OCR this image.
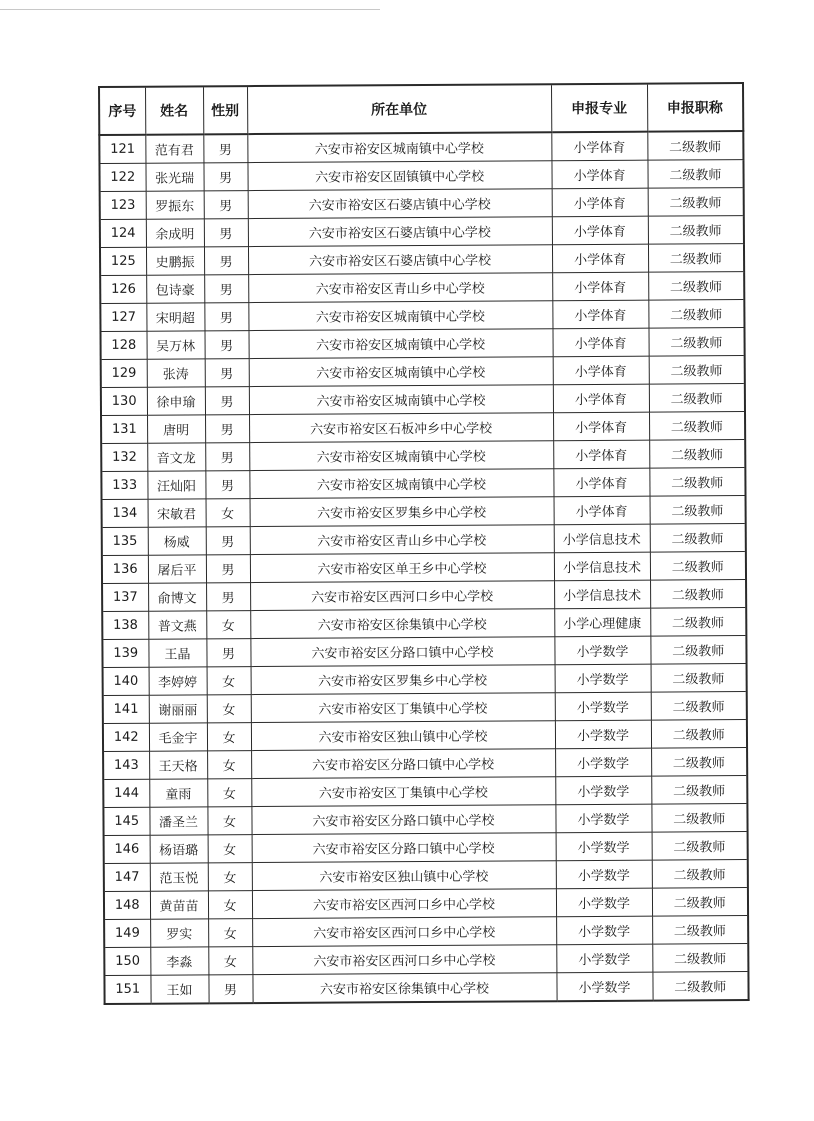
序号	姓名	性别	所在单位	申报专业	申报职称
121	范有君	男	六安市裕安区城南镇中心学校	小学体育	二级教师
122	张光瑞	男	六安市裕安区固镇镇中心学校	小学体育	二级教师
123	罗振东	男	六安市裕安区石婆店镇中心学校	小学体育	二级教师
124	余成明	男	六安市裕安区石婆店镇中心学校	小学体育	二级教师
125	史鹏振	男	六安市裕安区石婆店镇中心学校	小学体育	二级教师
126	包诗豪	男	六安市裕安区青山乡中心学校	小学体育	二级教师
127	宋明超	男	六安市裕安区城南镇中心学校	小学体育	二级教师
128	吴万林	男	六安市裕安区城南镇中心学校	小学体育	二级教师
129	张涛	男	六安市裕安区城南镇中心学校	小学体育	二级教师
130	徐申瑜	男	六安市裕安区城南镇中心学校	小学体育	二级教师
131	唐明	男	六安市裕安区石板冲乡中心学校	小学体育	二级教师
132	音文龙	男	六安市裕安区城南镇中心学校	小学体育	二级教师
133	汪灿阳	男	六安市裕安区城南镇中心学校	小学体育	二级教师
134	宋敏君	女	六安市裕安区罗集乡中心学校	小学体育	二级教师
135	杨威	男	六安市裕安区青山乡中心学校	小学信息技术	二级教师
136	屠后平	男	六安市裕安区单王乡中心学校	小学信息技术	二级教师
137	俞博文	男	六安市裕安区西河口乡中心学校	小学信息技术	二级教师
138	普文燕	女	六安市裕安区徐集镇中心学校	小学心理健康	二级教师
139	王晶	男	六安市裕安区分路口镇中心学校	小学数学	二级教师
140	李婷婷	女	六安市裕安区罗集乡中心学校	小学数学	二级教师
141	谢丽丽	女	六安市裕安区丁集镇中心学校	小学数学	二级教师
142	毛金宇	女	六安市裕安区独山镇中心学校	小学数学	二级教师
143	王天格	女	六安市裕安区分路口镇中心学校	小学数学	二级教师
144	童雨	女	六安市裕安区丁集镇中心学校	小学数学	二级教师
145	潘圣兰	女	六安市裕安区分路口镇中心学校	小学数学	二级教师
146	杨语璐	女	六安市裕安区分路口镇中心学校	小学数学	二级教师
147	范玉悦	女	六安市裕安区独山镇中心学校	小学数学	二级教师
148	黄苗苗	女	六安市裕安区西河口乡中心学校	小学数学	二级教师
149	罗实	女	六安市裕安区西河口乡中心学校	小学数学	二级教师
150	李淼	女	六安市裕安区西河口乡中心学校	小学数学	二级教师
151	王如	男	六安市裕安区徐集镇中心学校	小学数学	二级教师
